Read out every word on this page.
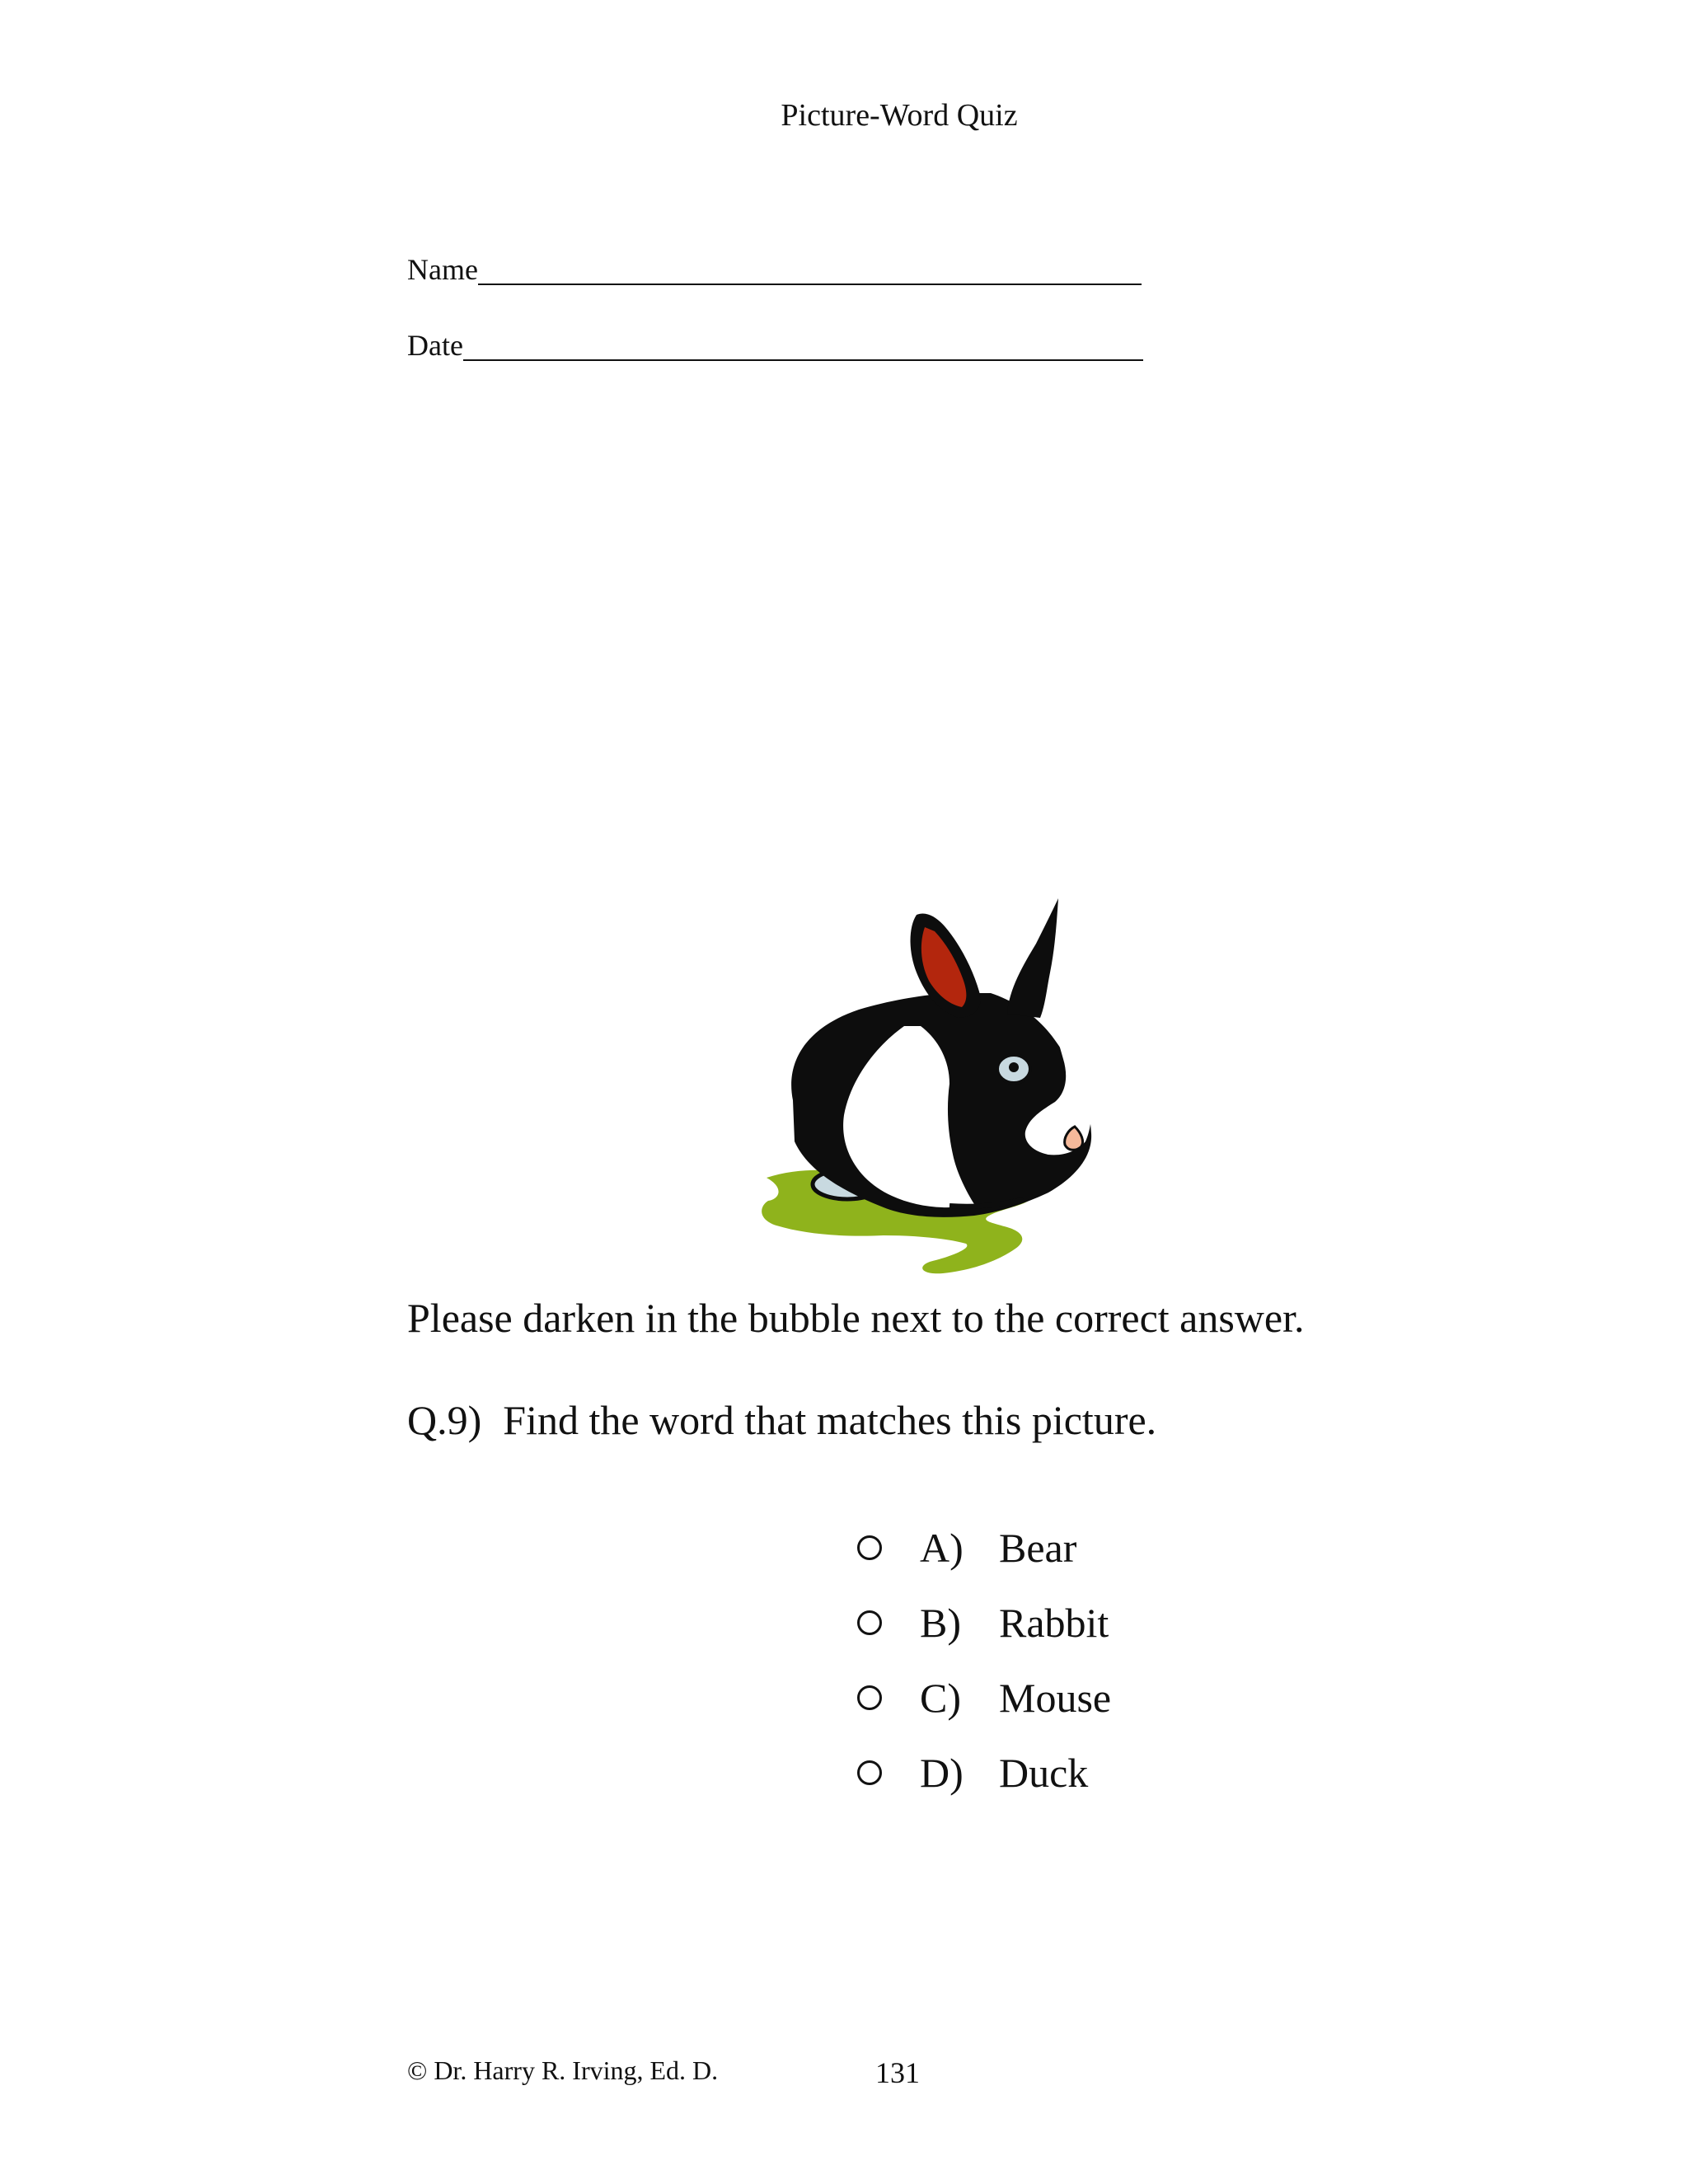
Picture-Word Quiz
Name
Date
Please darken in the bubble next to the correct answer.
Q.9) Find the word that matches this picture.
A) Bear
B) Rabbit
C) Mouse
D) Duck
© Dr. Harry R. Irving, Ed. D.	131
